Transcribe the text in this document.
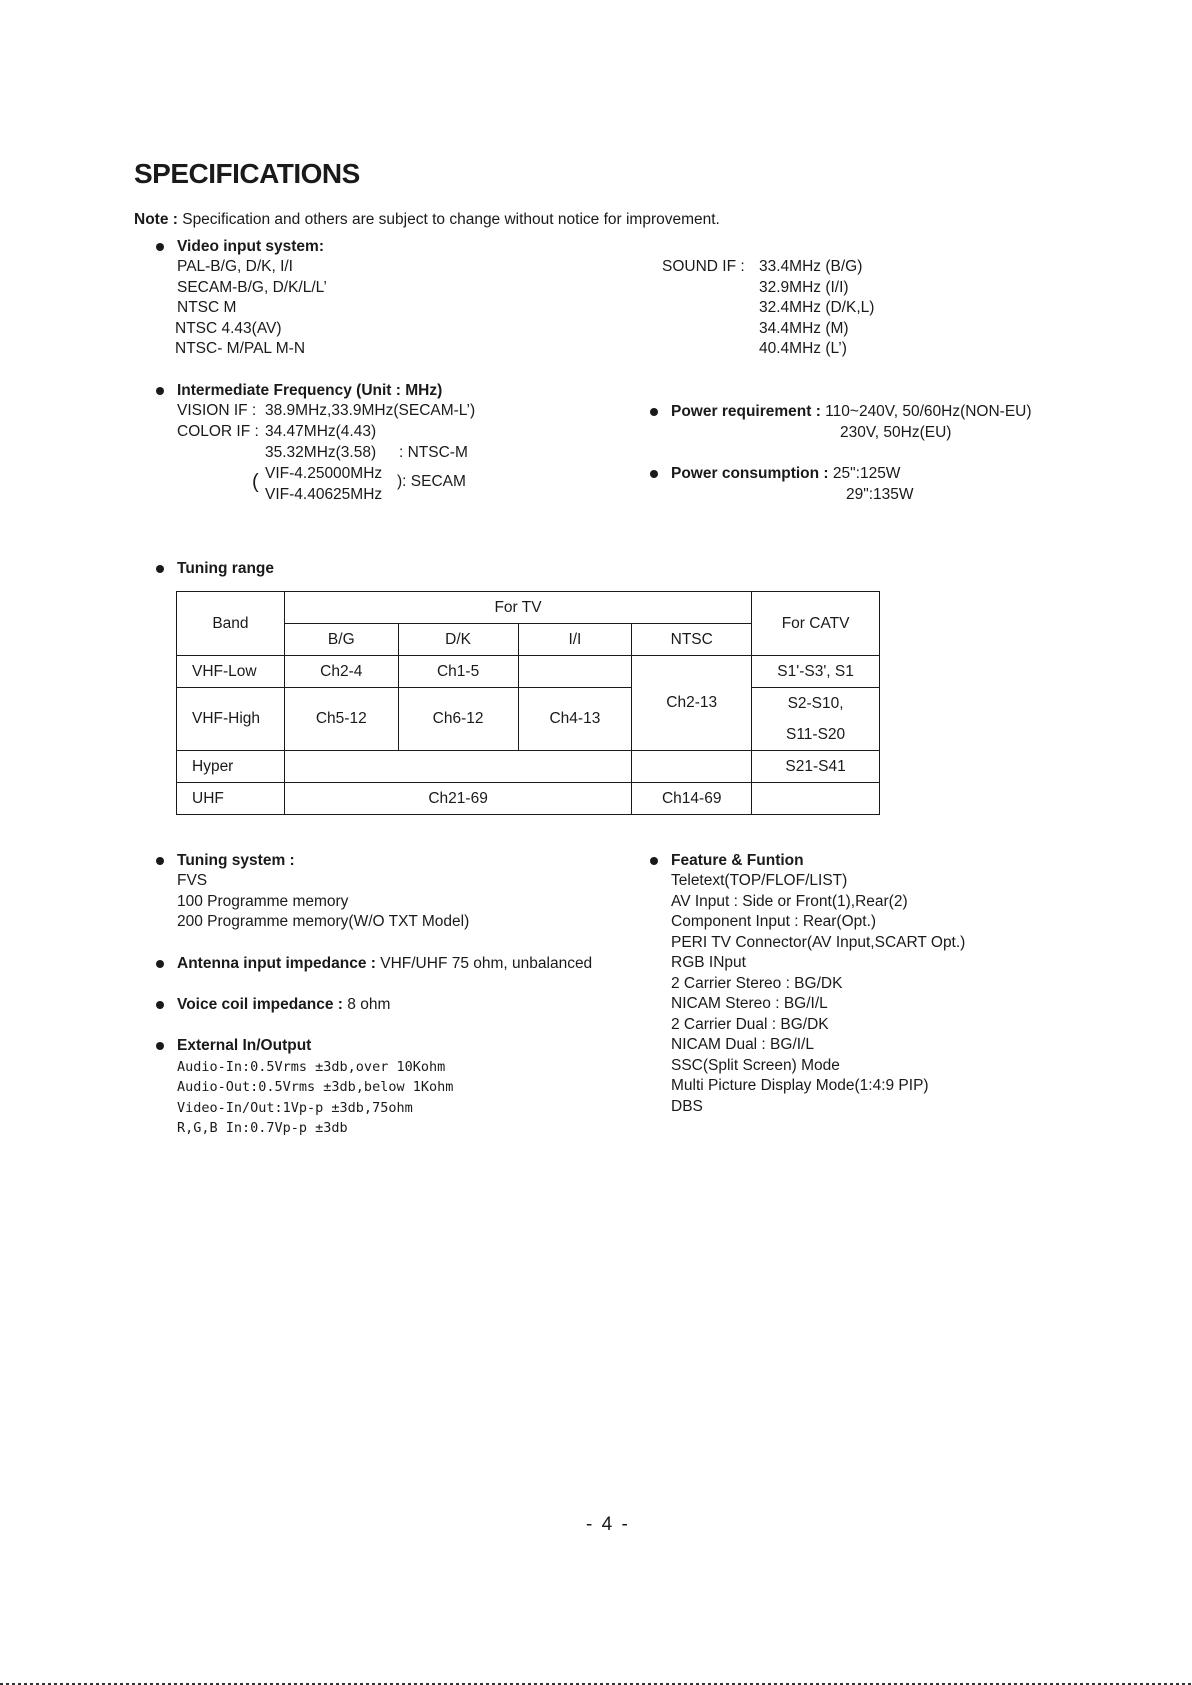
SPECIFICATIONS
Note : Specification and others are subject to change without notice for improvement.
Video input system:
PAL-B/G, D/K, I/I
SECAM-B/G, D/K/L/L’
NTSC M
NTSC 4.43(AV)
NTSC- M/PAL M-N
SOUND IF : 33.4MHz (B/G)
32.9MHz (I/I)
32.4MHz (D/K,L)
34.4MHz (M)
40.4MHz (L’)
Intermediate Frequency (Unit : MHz)
VISION IF : 38.9MHz,33.9MHz(SECAM-L’)
COLOR IF : 34.47MHz(4.43)
35.32MHz(3.58) : NTSC-M
( VIF-4.25000MHz
VIF-4.40625MHz
): SECAM
Power requirement : 110~240V, 50/60Hz(NON-EU)
230V, 50Hz(EU)
Power consumption : 25":125W
29":135W
Tuning range
Band	For TV				For CATV
	B/G	D/K	I/I	NTSC	
VHF-Low	Ch2-4	Ch1-5		Ch2-13	S1'-S3', S1
VHF-High	Ch5-12	Ch6-12	Ch4-13		S2-S10,
					S11-S20
Hyper					S21-S41
UHF	Ch21-69			Ch14-69	
Tuning system :
FVS
100 Programme memory
200 Programme memory(W/O TXT Model)
Antenna input impedance : VHF/UHF 75 ohm, unbalanced
Voice coil impedance : 8 ohm
External In/Output
Audio-In:0.5Vrms ±3db,over 10Kohm
Audio-Out:0.5Vrms ±3db,below 1Kohm
Video-In/Out:1Vp-p ±3db,75ohm
R,G,B In:0.7Vp-p ±3db
Feature & Funtion
Teletext(TOP/FLOF/LIST)
AV Input : Side or Front(1),Rear(2)
Component Input : Rear(Opt.)
PERI TV Connector(AV Input,SCART Opt.)
RGB INput
2 Carrier Stereo : BG/DK
NICAM Stereo : BG/I/L
2 Carrier Dual : BG/DK
NICAM Dual : BG/I/L
SSC(Split Screen) Mode
Multi Picture Display Mode(1:4:9 PIP)
DBS
- 4 -
